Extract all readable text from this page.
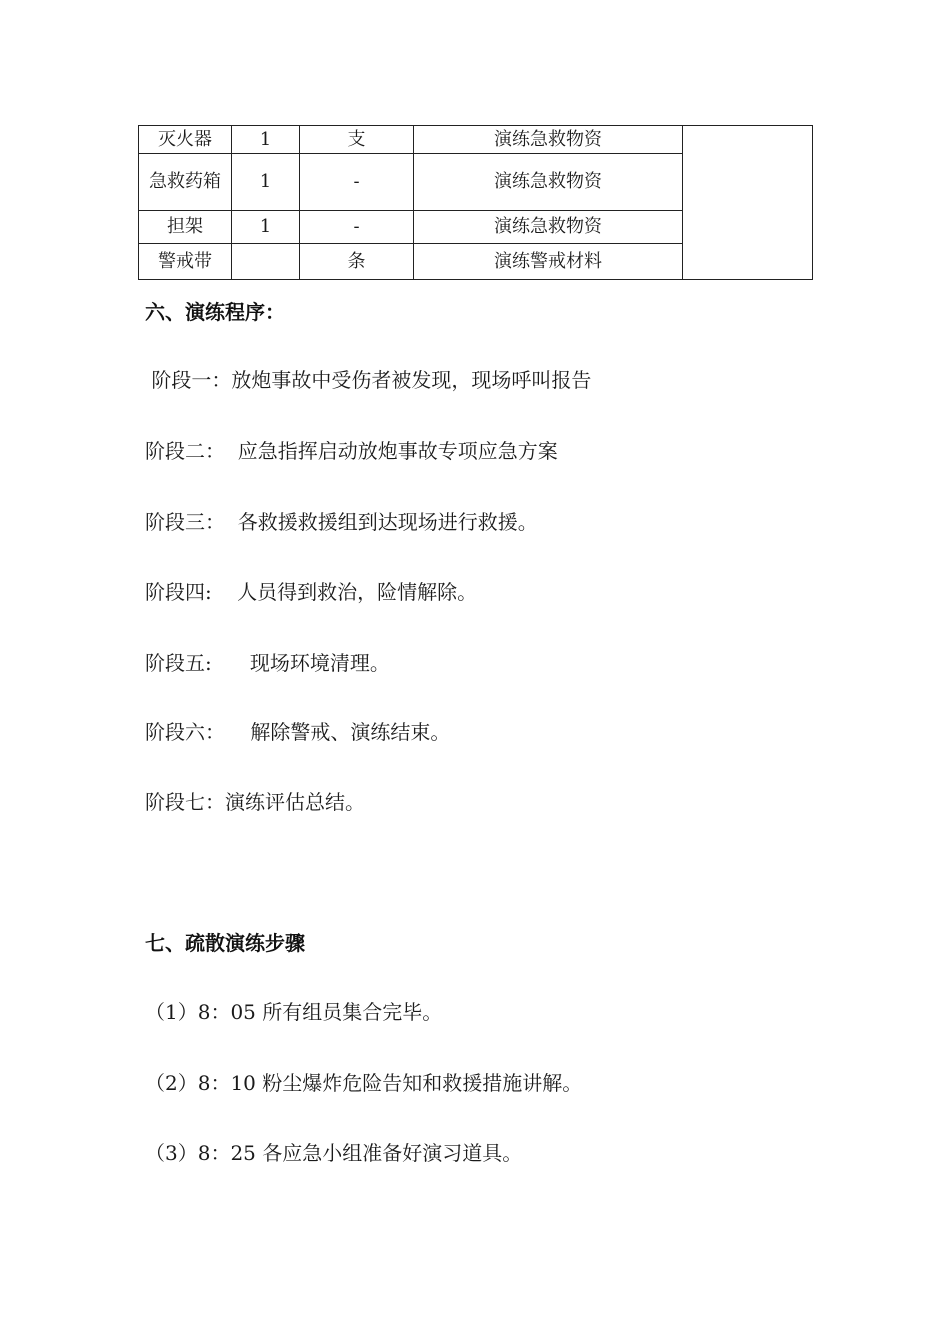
灭火器	1	支	演练急救物资	
急救药箱	1	-	演练急救物资	
担架	1	-	演练急救物资	
警戒带		条	演练警戒材料	
六、演练程序：

阶段一：放炮事故中受伤者被发现，现场呼叫报告

阶段二：  应急指挥启动放炮事故专项应急方案

阶段三：  各救援救援组到达现场进行救援。

阶段四:    人员得到救治，险情解除。

阶段五:      现场环境清理。

阶段六：    解除警戒、演练结束。

阶段七：演练评估总结。

七、疏散演练步骤

（1）8：05 所有组员集合完毕。

（2）8：10 粉尘爆炸危险告知和救援措施讲解。

（3）8：25 各应急小组准备好演习道具。
